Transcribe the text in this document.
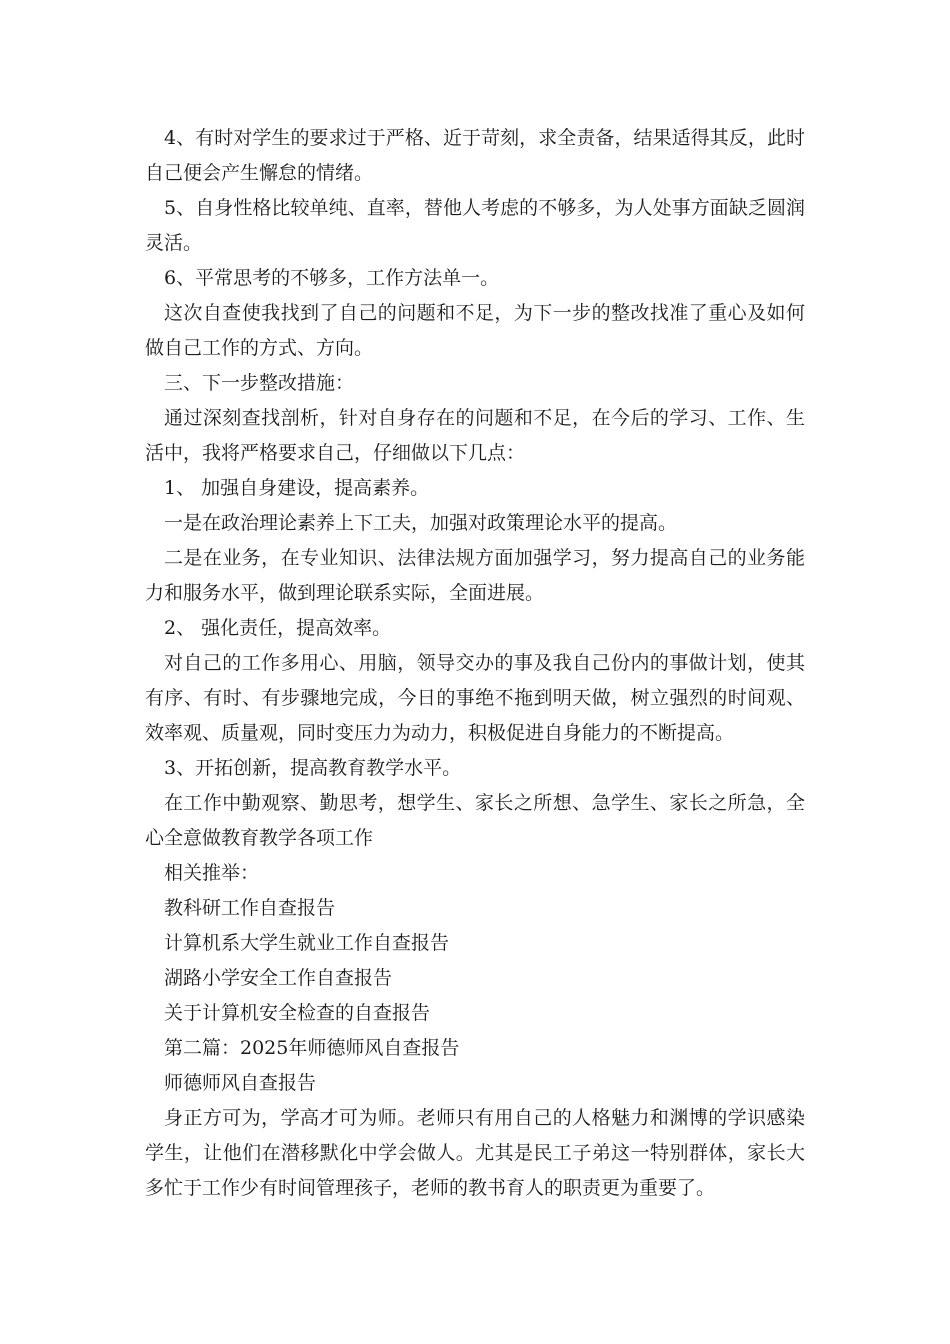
4、有时对学生的要求过于严格、近于苛刻，求全责备，结果适得其反，此时自己便会产生懈怠的情绪。

5、自身性格比较单纯、直率，替他人考虑的不够多，为人处事方面缺乏圆润灵活。

6、平常思考的不够多，工作方法单一。

这次自查使我找到了自己的问题和不足，为下一步的整改找准了重心及如何做自己工作的方式、方向。

三、下一步整改措施：

通过深刻查找剖析，针对自身存在的问题和不足，在今后的学习、工作、生活中，我将严格要求自己，仔细做以下几点：

1、 加强自身建设，提高素养。

一是在政治理论素养上下工夫，加强对政策理论水平的提高。

二是在业务，在专业知识、法律法规方面加强学习，努力提高自己的业务能力和服务水平，做到理论联系实际，全面进展。

2、 强化责任，提高效率。

对自己的工作多用心、用脑，领导交办的事及我自己份内的事做计划，使其有序、有时、有步骤地完成，今日的事绝不拖到明天做，树立强烈的时间观、效率观、质量观，同时变压力为动力，积极促进自身能力的不断提高。

3、开拓创新，提高教育教学水平。

在工作中勤观察、勤思考，想学生、家长之所想、急学生、家长之所急，全心全意做教育教学各项工作

相关推举：

教科研工作自查报告

计算机系大学生就业工作自查报告

湖路小学安全工作自查报告

关于计算机安全检查的自查报告

第二篇：2025年师德师风自查报告

师德师风自查报告

身正方可为，学高才可为师。老师只有用自己的人格魅力和渊博的学识感染学生，让他们在潜移默化中学会做人。尤其是民工子弟这一特别群体，家长大多忙于工作少有时间管理孩子，老师的教书育人的职责更为重要了。
